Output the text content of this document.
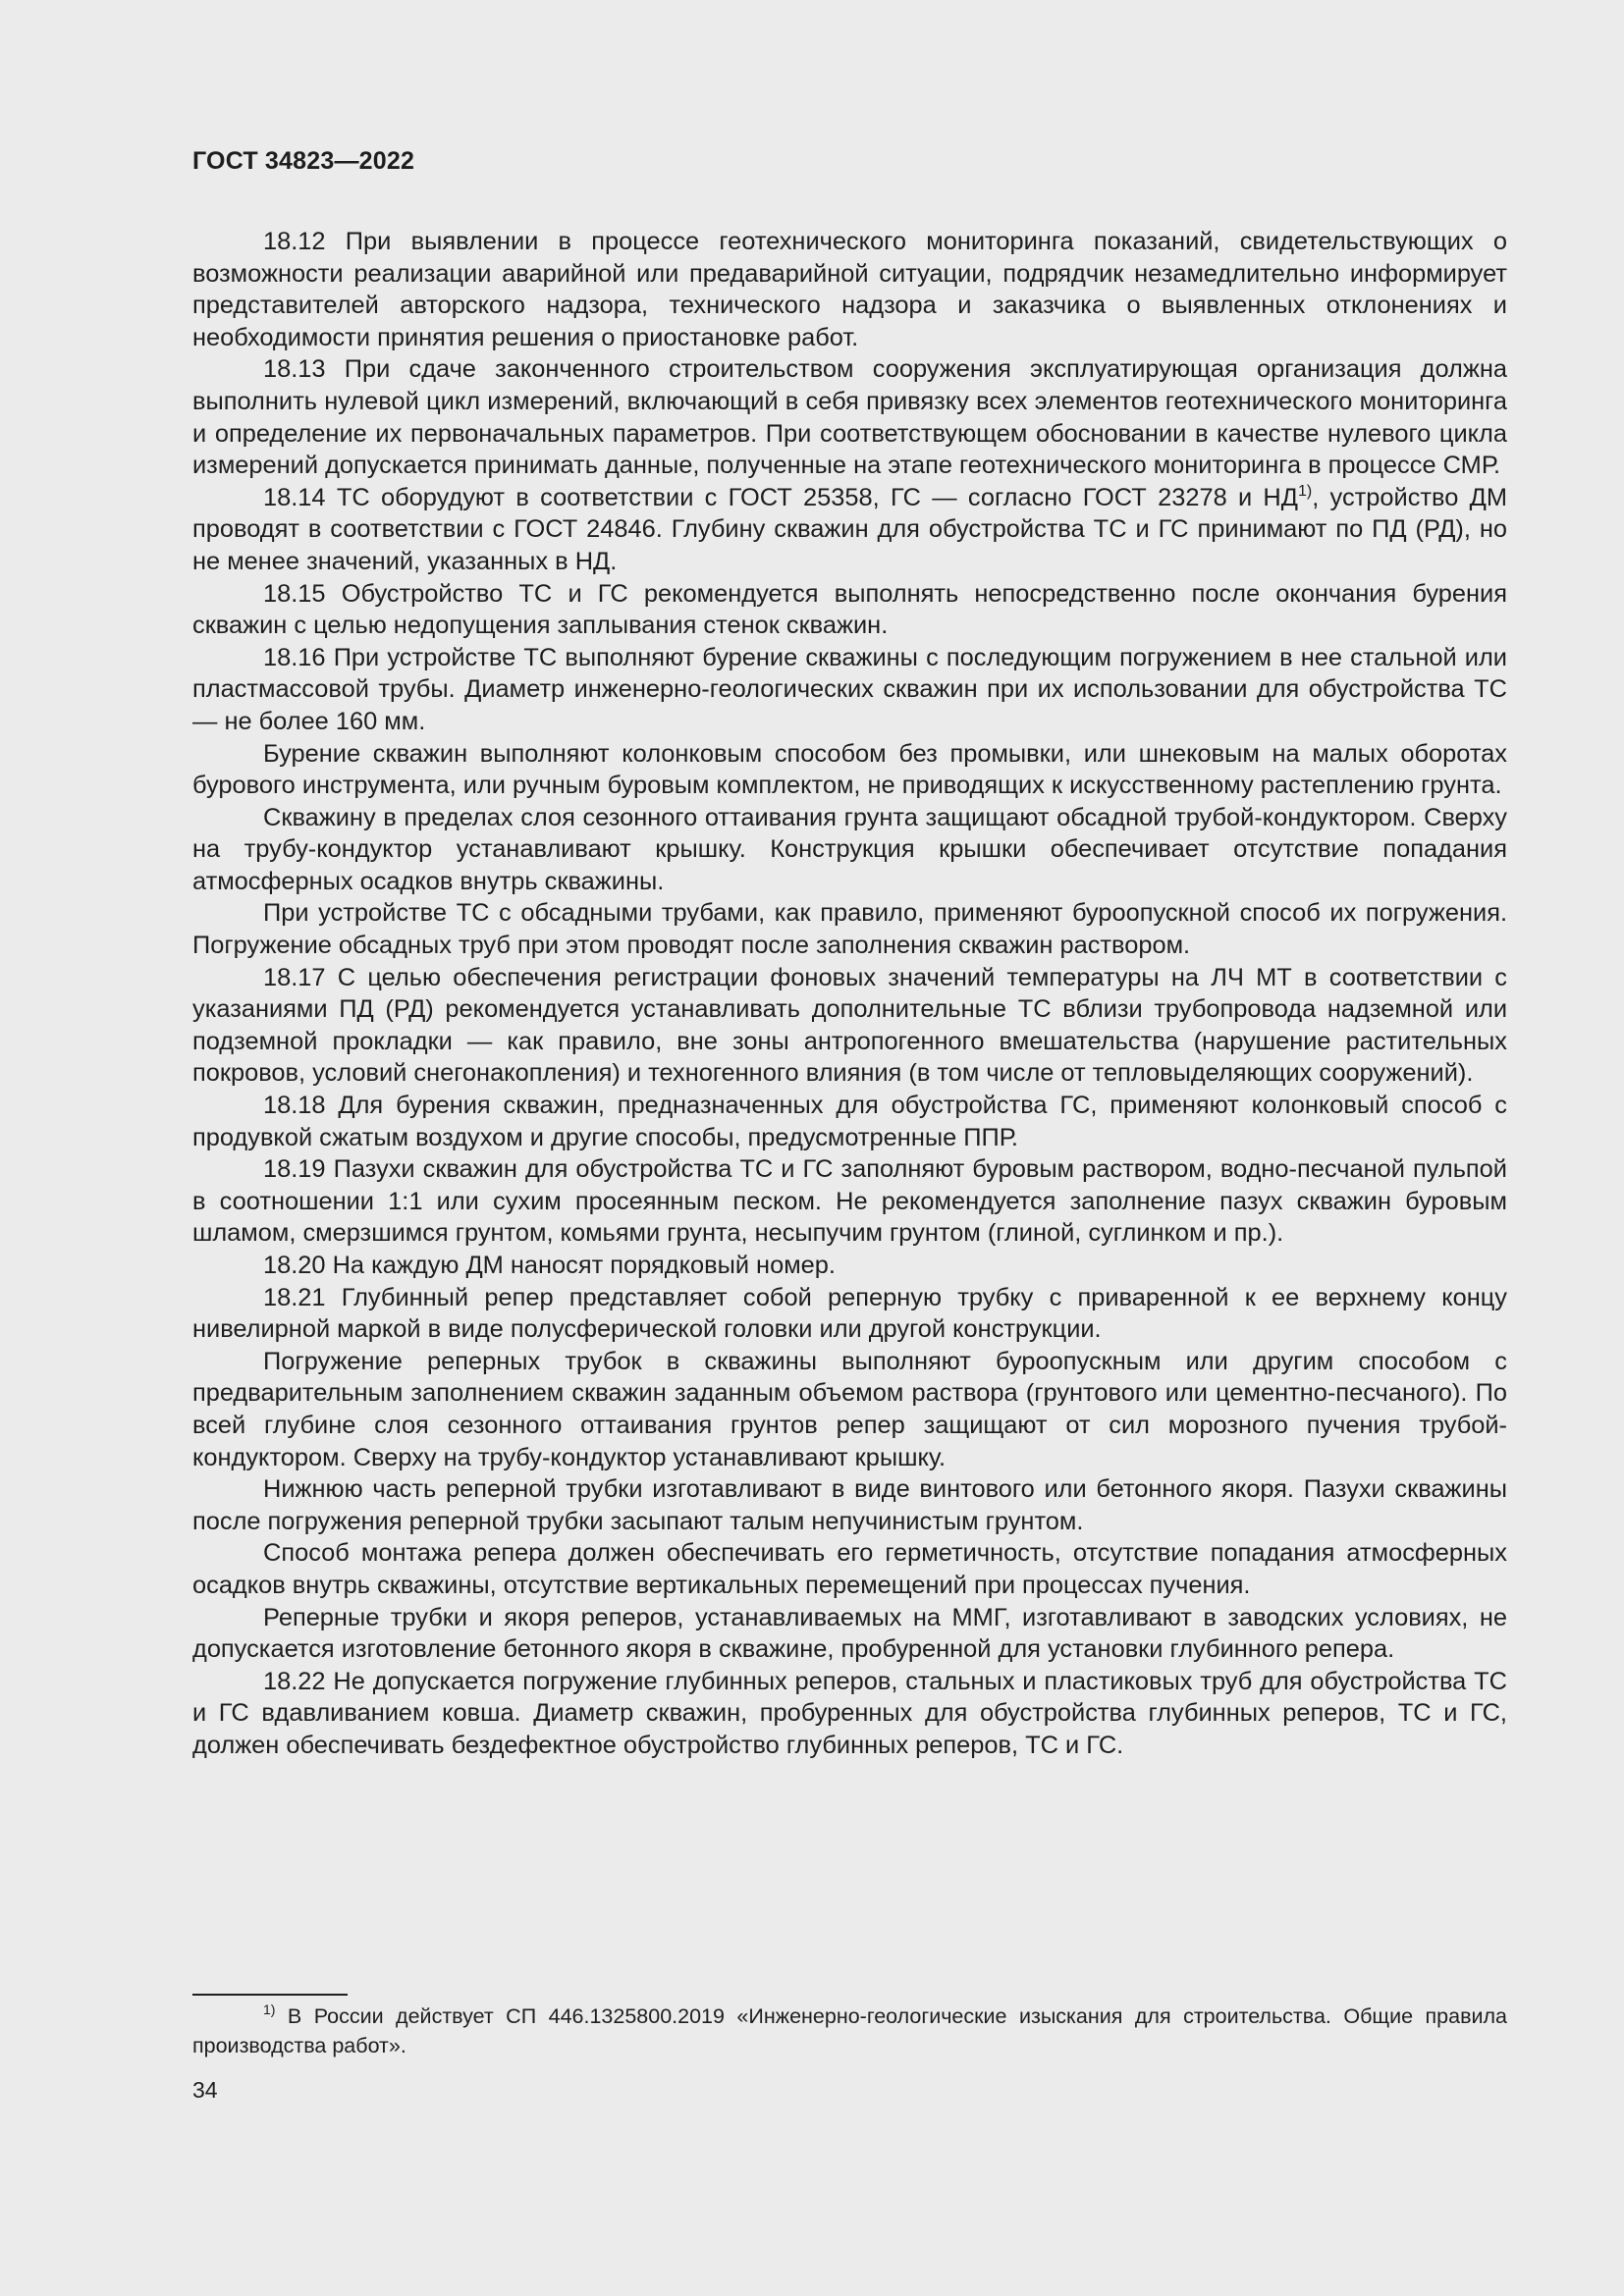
ГОСТ 34823—2022

18.12 При выявлении в процессе геотехнического мониторинга показаний, свидетельствующих о возможности реализации аварийной или предаварийной ситуации, подрядчик незамедлительно информирует представителей авторского надзора, технического надзора и заказчика о выявленных отклонениях и необходимости принятия решения о приостановке работ.

18.13 При сдаче законченного строительством сооружения эксплуатирующая организация должна выполнить нулевой цикл измерений, включающий в себя привязку всех элементов геотехнического мониторинга и определение их первоначальных параметров. При соответствующем обосновании в качестве нулевого цикла измерений допускается принимать данные, полученные на этапе геотехнического мониторинга в процессе СМР.

18.14 ТС оборудуют в соответствии с ГОСТ 25358, ГС — согласно ГОСТ 23278 и НД$^{1)}$, устройство ДМ проводят в соответствии с ГОСТ 24846. Глубину скважин для обустройства ТС и ГС принимают по ПД (РД), но не менее значений, указанных в НД.

18.15 Обустройство ТС и ГС рекомендуется выполнять непосредственно после окончания бурения скважин с целью недопущения заплывания стенок скважин.

18.16 При устройстве ТС выполняют бурение скважины с последующим погружением в нее стальной или пластмассовой трубы. Диаметр инженерно-геологических скважин при их использовании для обустройства ТС — не более 160 мм.

Бурение скважин выполняют колонковым способом без промывки, или шнековым на малых оборотах бурового инструмента, или ручным буровым комплектом, не приводящих к искусственному растеплению грунта.

Скважину в пределах слоя сезонного оттаивания грунта защищают обсадной трубой-кондуктором. Сверху на трубу-кондуктор устанавливают крышку. Конструкция крышки обеспечивает отсутствие попадания атмосферных осадков внутрь скважины.

При устройстве ТС с обсадными трубами, как правило, применяют буроопускной способ их погружения. Погружение обсадных труб при этом проводят после заполнения скважин раствором.

18.17 С целью обеспечения регистрации фоновых значений температуры на ЛЧ МТ в соответствии с указаниями ПД (РД) рекомендуется устанавливать дополнительные ТС вблизи трубопровода надземной или подземной прокладки — как правило, вне зоны антропогенного вмешательства (нарушение растительных покровов, условий снегонакопления) и техногенного влияния (в том числе от тепловыделяющих сооружений).

18.18 Для бурения скважин, предназначенных для обустройства ГС, применяют колонковый способ с продувкой сжатым воздухом и другие способы, предусмотренные ППР.

18.19 Пазухи скважин для обустройства ТС и ГС заполняют буровым раствором, водно-песчаной пульпой в соотношении 1:1 или сухим просеянным песком. Не рекомендуется заполнение пазух скважин буровым шламом, смерзшимся грунтом, комьями грунта, несыпучим грунтом (глиной, суглинком и пр.).

18.20 На каждую ДМ наносят порядковый номер.

18.21 Глубинный репер представляет собой реперную трубку с приваренной к ее верхнему концу нивелирной маркой в виде полусферической головки или другой конструкции.

Погружение реперных трубок в скважины выполняют буроопускным или другим способом с предварительным заполнением скважин заданным объемом раствора (грунтового или цементно-песчаного). По всей глубине слоя сезонного оттаивания грунтов репер защищают от сил морозного пучения трубой-кондуктором. Сверху на трубу-кондуктор устанавливают крышку.

Нижнюю часть реперной трубки изготавливают в виде винтового или бетонного якоря. Пазухи скважины после погружения реперной трубки засыпают талым непучинистым грунтом.

Способ монтажа репера должен обеспечивать его герметичность, отсутствие попадания атмосферных осадков внутрь скважины, отсутствие вертикальных перемещений при процессах пучения.

Реперные трубки и якоря реперов, устанавливаемых на ММГ, изготавливают в заводских условиях, не допускается изготовление бетонного якоря в скважине, пробуренной для установки глубинного репера.

18.22 Не допускается погружение глубинных реперов, стальных и пластиковых труб для обустройства ТС и ГС вдавливанием ковша. Диаметр скважин, пробуренных для обустройства глубинных реперов, ТС и ГС, должен обеспечивать бездефектное обустройство глубинных реперов, ТС и ГС.

$^{1)}$ В России действует СП 446.1325800.2019 «Инженерно-геологические изыскания для строительства. Общие правила производства работ».

34
